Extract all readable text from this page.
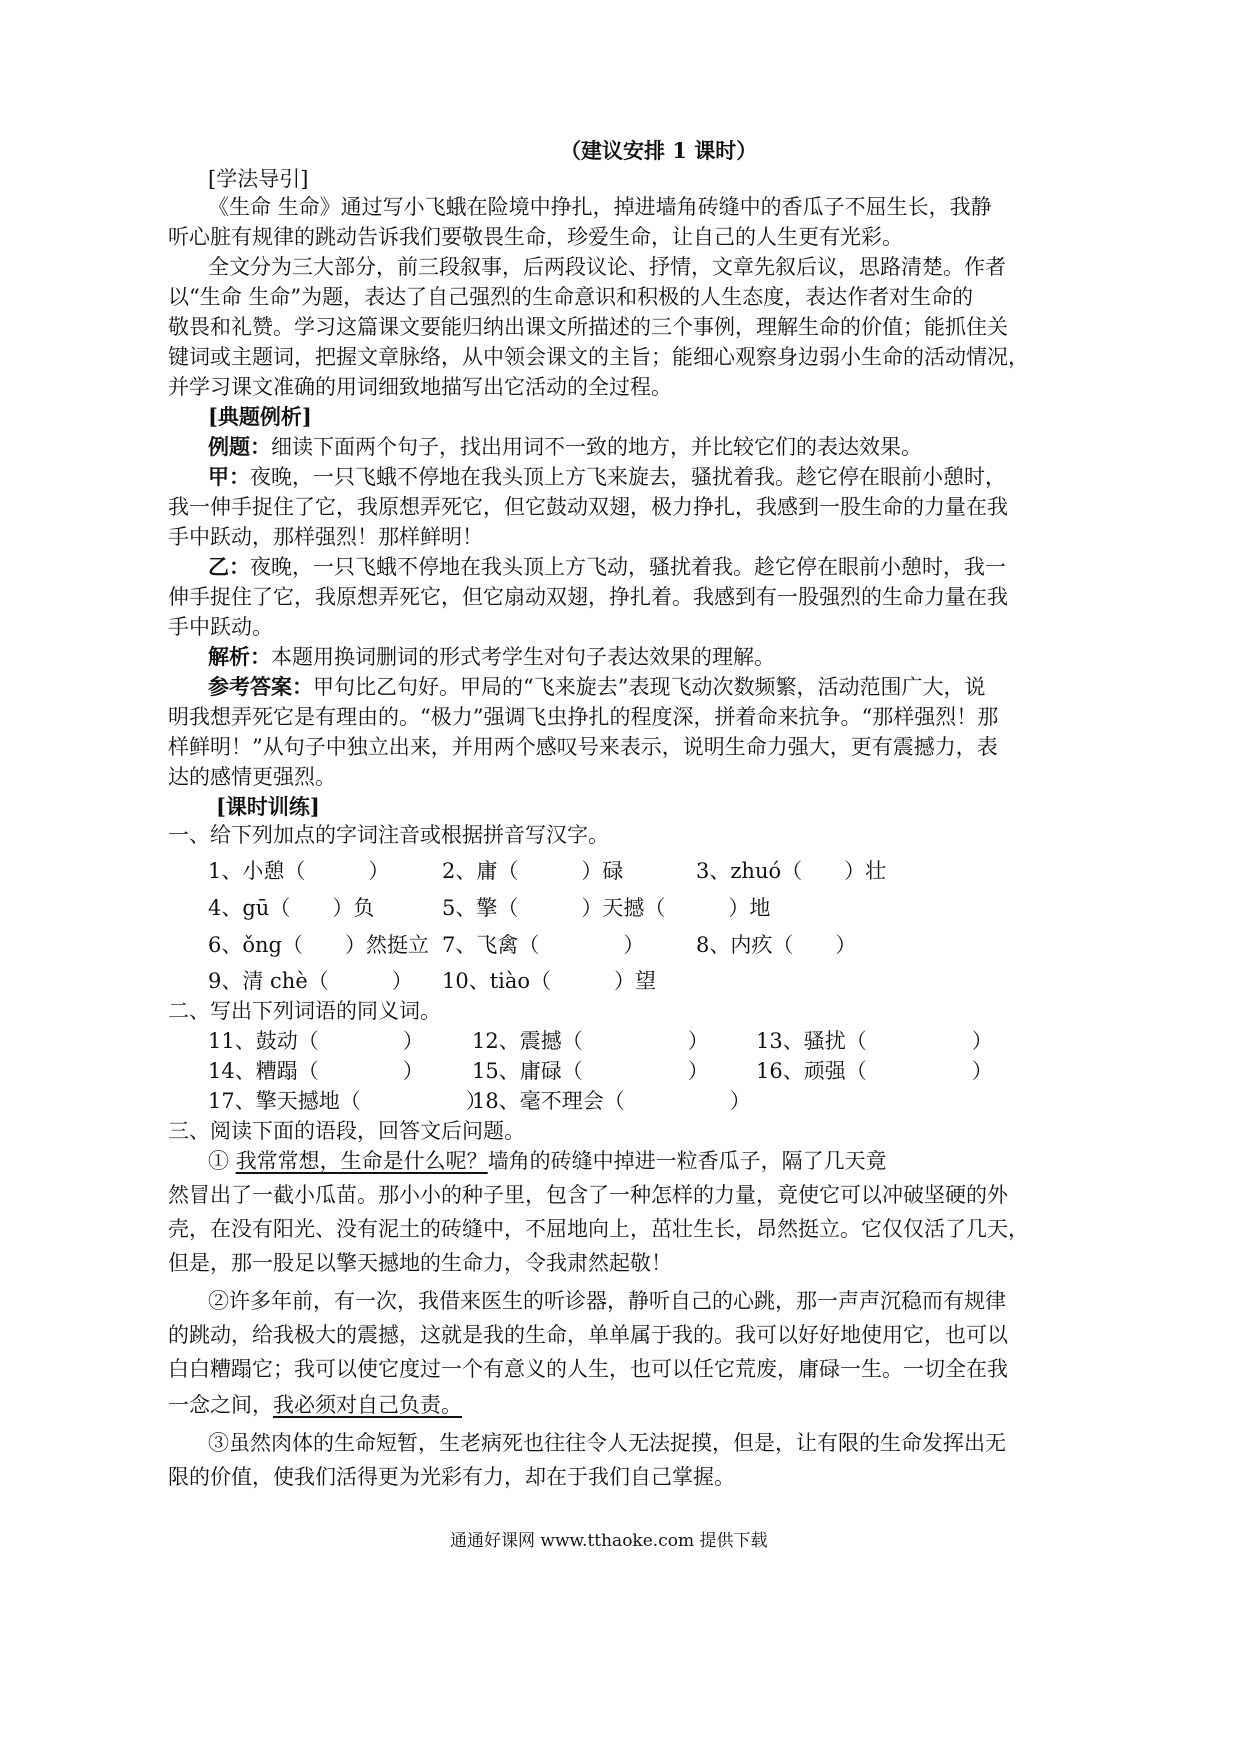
（建议安排 1 课时）
[学法导引]
《生命 生命》通过写小飞蛾在险境中挣扎，掉进墙角砖缝中的香瓜子不屈生长，我静
听心脏有规律的跳动告诉我们要敬畏生命，珍爱生命，让自己的人生更有光彩。
全文分为三大部分，前三段叙事，后两段议论、抒情，文章先叙后议，思路清楚。作者
以“生命 生命”为题，表达了自己强烈的生命意识和积极的人生态度，表达作者对生命的
敬畏和礼赞。学习这篇课文要能归纳出课文所描述的三个事例，理解生命的价值；能抓住关
键词或主题词，把握文章脉络，从中领会课文的主旨；能细心观察身边弱小生命的活动情况，
并学习课文准确的用词细致地描写出它活动的全过程。
[典题例析]
例题：细读下面两个句子，找出用词不一致的地方，并比较它们的表达效果。
甲：夜晚，一只飞蛾不停地在我头顶上方飞来旋去，骚扰着我。趁它停在眼前小憩时，
我一伸手捉住了它，我原想弄死它，但它鼓动双翅，极力挣扎，我感到一股生命的力量在我
手中跃动，那样强烈！那样鲜明！
乙：夜晚，一只飞蛾不停地在我头顶上方飞动，骚扰着我。趁它停在眼前小憩时，我一
伸手捉住了它，我原想弄死它，但它扇动双翅，挣扎着。我感到有一股强烈的生命力量在我
手中跃动。
解析：本题用换词删词的形式考学生对句子表达效果的理解。
参考答案：甲句比乙句好。甲局的“飞来旋去”表现飞动次数频繁，活动范围广大，说
明我想弄死它是有理由的。“极力”强调飞虫挣扎的程度深，拼着命来抗争。“那样强烈！那
样鲜明！”从句子中独立出来，并用两个感叹号来表示，说明生命力强大，更有震撼力，表
达的感情更强烈。
[课时训练]
一、给下列加点的字词注音或根据拼音写汉字。
1、小憩（　　　）	2、庸（　　　）碌	3、zhuó（　　）壮
4、gū（　　）负	5、擎（　　　）天撼（　　　）地
6、ǒng（　　）然挺立 7、飞禽（　　　　） 8、内疚（　　）
9、清 chè（　　　） 10、tiào（　　　）望
二、写出下列词语的同义词。
11、鼓动（　　　　） 12、震撼（　　　　　） 13、骚扰（　　　　　）
14、糟蹋（　　　　） 15、庸碌（　　　　　） 16、顽强（　　　　　）
17、擎天撼地（　　　　　）
18、毫不理会（　　　　　）
三、阅读下面的语段，回答文后问题。
① 我常常想，生命是什么呢？墙角的砖缝中掉进一粒香瓜子，隔了几天竟
然冒出了一截小瓜苗。那小小的种子里，包含了一种怎样的力量，竟使它可以冲破坚硬的外
壳，在没有阳光、没有泥土的砖缝中，不屈地向上，茁壮生长，昂然挺立。它仅仅活了几天，
但是，那一股足以擎天撼地的生命力，令我肃然起敬！
②许多年前，有一次，我借来医生的听诊器，静听自己的心跳，那一声声沉稳而有规律
的跳动，给我极大的震撼，这就是我的生命，单单属于我的。我可以好好地使用它，也可以
白白糟蹋它；我可以使它度过一个有意义的人生，也可以任它荒废，庸碌一生。一切全在我
一念之间，我必须对自己负责。
③虽然肉体的生命短暂，生老病死也往往令人无法捉摸，但是，让有限的生命发挥出无
限的价值，使我们活得更为光彩有力，却在于我们自己掌握。
通通好课网 www.tthaoke.com 提供下载
